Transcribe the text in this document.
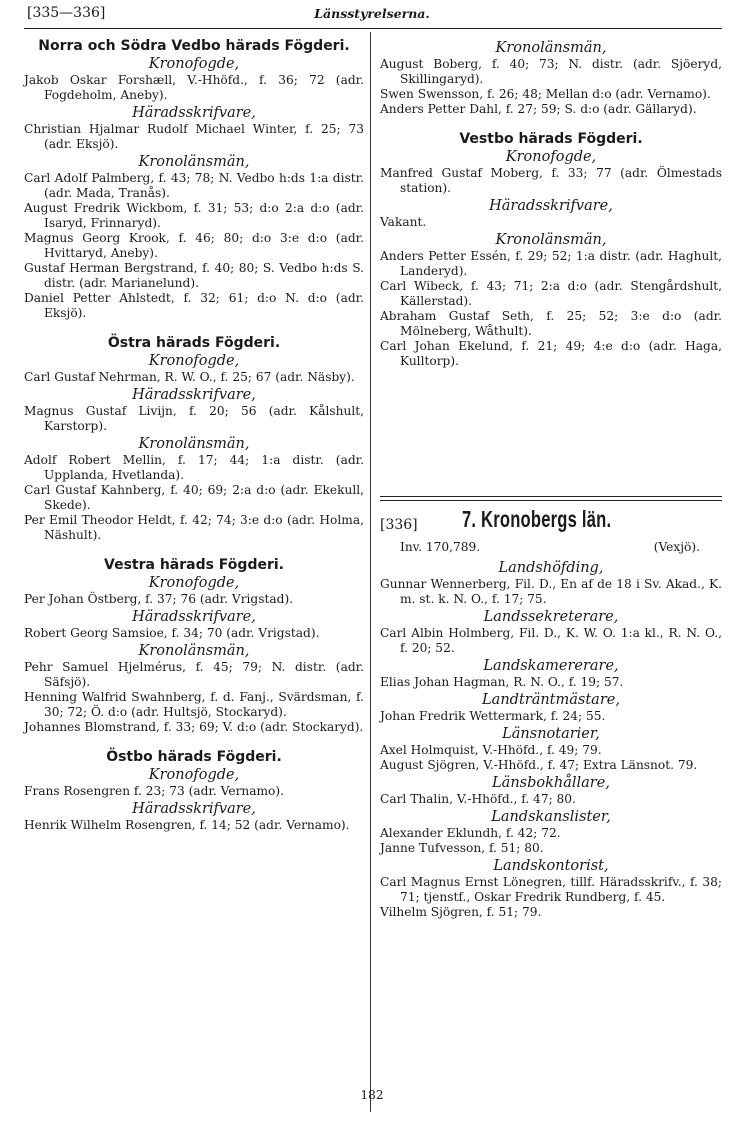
[335—336]	Länsstyrelserna.
Norra och Södra Vedbo härads Fögderi.
Kronofogde,
Jakob Oskar Forshæll, V.-Hhöfd., f. 36; 72 (adr. Fogdeholm, Aneby).
Häradsskrifvare,
Christian Hjalmar Rudolf Michael Winter, f. 25; 73 (adr. Eksjö).
Kronolänsmän,
Carl Adolf Palmberg, f. 43; 78; N. Vedbo h:ds 1:a distr. (adr. Mada, Tranås).
August Fredrik Wickbom, f. 31; 53; d:o 2:a d:o (adr. Isaryd, Frinnaryd).
Magnus Georg Krook, f. 46; 80; d:o 3:e d:o (adr. Hvittaryd, Aneby).
Gustaf Herman Bergstrand, f. 40; 80; S. Vedbo h:ds S. distr. (adr. Marianelund).
Daniel Petter Ahlstedt, f. 32; 61; d:o N. d:o (adr. Eksjö).
Östra härads Fögderi.
Kronofogde,
Carl Gustaf Nehrman, R. W. O., f. 25; 67 (adr. Näsby).
Häradsskrifvare,
Magnus Gustaf Livijn, f. 20; 56 (adr. Kålshult, Karstorp).
Kronolänsmän,
Adolf Robert Mellin, f. 17; 44; 1:a distr. (adr. Upplanda, Hvetlanda).
Carl Gustaf Kahnberg, f. 40; 69; 2:a d:o (adr. Ekekull, Skede).
Per Emil Theodor Heldt, f. 42; 74; 3:e d:o (adr. Holma, Näshult).
Vestra härads Fögderi.
Kronofogde,
Per Johan Östberg, f. 37; 76 (adr. Vrigstad).
Häradsskrifvare,
Robert Georg Samsioe, f. 34; 70 (adr. Vrigstad).
Kronolänsmän,
Pehr Samuel Hjelmérus, f. 45; 79; N. distr. (adr. Säfsjö).
Henning Walfrid Swahnberg, f. d. Fanj., Svärdsman, f. 30; 72; Ö. d:o (adr. Hultsjö, Stockaryd).
Johannes Blomstrand, f. 33; 69; V. d:o (adr. Stockaryd).
Östbo härads Fögderi.
Kronofogde,
Frans Rosengren f. 23; 73 (adr. Vernamo).
Häradsskrifvare,
Henrik Wilhelm Rosengren, f. 14; 52 (adr. Vernamo).
Kronolänsmän,
August Boberg, f. 40; 73; N. distr. (adr. Sjöeryd, Skillingaryd).
Swen Swensson, f. 26; 48; Mellan d:o (adr. Vernamo).
Anders Petter Dahl, f. 27; 59; S. d:o (adr. Gällaryd).
Vestbo härads Fögderi.
Kronofogde,
Manfred Gustaf Moberg, f. 33; 77 (adr. Ölmestads station).
Häradsskrifvare,
Vakant.
Kronolänsmän,
Anders Petter Essén, f. 29; 52; 1:a distr. (adr. Haghult, Landeryd).
Carl Wibeck, f. 43; 71; 2:a d:o (adr. Stengårdshult, Källerstad).
Abraham Gustaf Seth, f. 25; 52; 3:e d:o (adr. Mölneberg, Wåthult).
Carl Johan Ekelund, f. 21; 49; 4:e d:o (adr. Haga, Kulltorp).
[336] 7. Kronobergs län.
Inv. 170,789.	(Vexjö).
Landshöfding,
Gunnar Wennerberg, Fil. D., En af de 18 i Sv. Akad., K. m. st. k. N. O., f. 17; 75.
Landssekreterare,
Carl Albin Holmberg, Fil. D., K. W. O. 1:a kl., R. N. O., f. 20; 52.
Landskamererare,
Elias Johan Hagman, R. N. O., f. 19; 57.
Landträntmästare,
Johan Fredrik Wettermark, f. 24; 55.
Länsnotarier,
Axel Holmquist, V.-Hhöfd., f. 49; 79.
August Sjögren, V.-Hhöfd., f. 47; Extra Länsnot. 79.
Länsbokhållare,
Carl Thalin, V.-Hhöfd., f. 47; 80.
Landskanslister,
Alexander Eklundh, f. 42; 72.
Janne Tufvesson, f. 51; 80.
Landskontorist,
Carl Magnus Ernst Lönegren, tillf. Häradsskrifv., f. 38; 71; tjenstf., Oskar Fredrik Rundberg, f. 45.
Vilhelm Sjögren, f. 51; 79.
182
